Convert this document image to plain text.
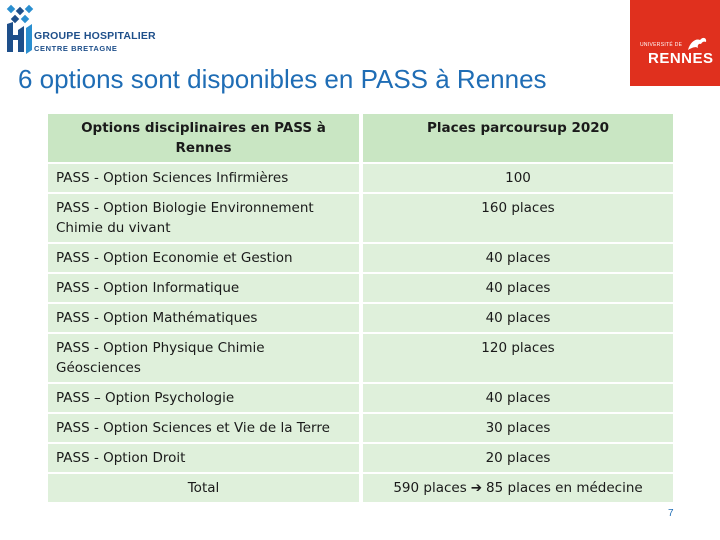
GROUPE HOSPITALIER
CENTRE BRETAGNE	UNIVERSITÉ DE
RENNES
6 options sont disponibles en PASS à Rennes
Options disciplinaires en PASS à Rennes	Places parcoursup 2020
PASS - Option Sciences Infirmières	100
PASS - Option Biologie Environnement Chimie du vivant	160 places
PASS - Option Economie et Gestion	40 places
PASS - Option Informatique	40 places
PASS - Option Mathématiques	40 places
PASS - Option Physique Chimie Géosciences	120 places
PASS – Option Psychologie	40 places
PASS - Option Sciences et Vie de la Terre	30 places
PASS - Option Droit	20 places
Total	590 places ➔ 85 places en médecine
7
